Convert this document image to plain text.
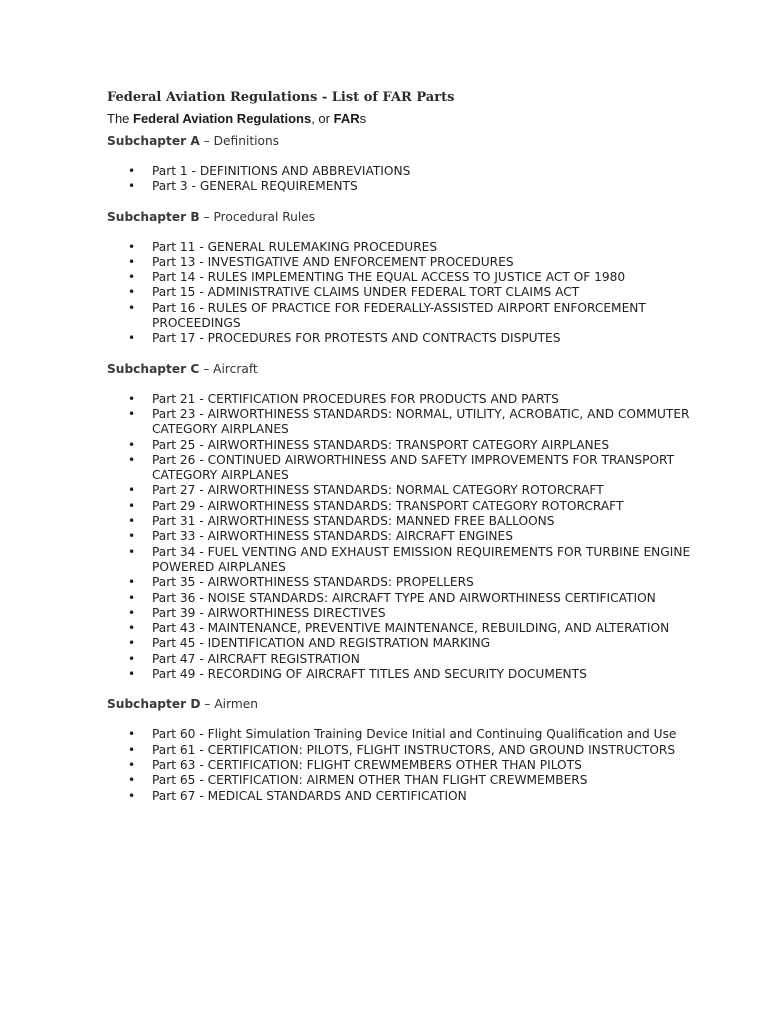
Federal Aviation Regulations - List of FAR Parts

The Federal Aviation Regulations, or FARs

Subchapter A – Definitions

• Part 1 - DEFINITIONS AND ABBREVIATIONS
• Part 3 - GENERAL REQUIREMENTS

Subchapter B – Procedural Rules

• Part 11 - GENERAL RULEMAKING PROCEDURES
• Part 13 - INVESTIGATIVE AND ENFORCEMENT PROCEDURES
• Part 14 - RULES IMPLEMENTING THE EQUAL ACCESS TO JUSTICE ACT OF 1980
• Part 15 - ADMINISTRATIVE CLAIMS UNDER FEDERAL TORT CLAIMS ACT
• Part 16 - RULES OF PRACTICE FOR FEDERALLY-ASSISTED AIRPORT ENFORCEMENT PROCEEDINGS
• Part 17 - PROCEDURES FOR PROTESTS AND CONTRACTS DISPUTES

Subchapter C – Aircraft

• Part 21 - CERTIFICATION PROCEDURES FOR PRODUCTS AND PARTS
• Part 23 - AIRWORTHINESS STANDARDS: NORMAL, UTILITY, ACROBATIC, AND COMMUTER CATEGORY AIRPLANES
• Part 25 - AIRWORTHINESS STANDARDS: TRANSPORT CATEGORY AIRPLANES
• Part 26 - CONTINUED AIRWORTHINESS AND SAFETY IMPROVEMENTS FOR TRANSPORT CATEGORY AIRPLANES
• Part 27 - AIRWORTHINESS STANDARDS: NORMAL CATEGORY ROTORCRAFT
• Part 29 - AIRWORTHINESS STANDARDS: TRANSPORT CATEGORY ROTORCRAFT
• Part 31 - AIRWORTHINESS STANDARDS: MANNED FREE BALLOONS
• Part 33 - AIRWORTHINESS STANDARDS: AIRCRAFT ENGINES
• Part 34 - FUEL VENTING AND EXHAUST EMISSION REQUIREMENTS FOR TURBINE ENGINE POWERED AIRPLANES
• Part 35 - AIRWORTHINESS STANDARDS: PROPELLERS
• Part 36 - NOISE STANDARDS: AIRCRAFT TYPE AND AIRWORTHINESS CERTIFICATION
• Part 39 - AIRWORTHINESS DIRECTIVES
• Part 43 - MAINTENANCE, PREVENTIVE MAINTENANCE, REBUILDING, AND ALTERATION
• Part 45 - IDENTIFICATION AND REGISTRATION MARKING
• Part 47 - AIRCRAFT REGISTRATION
• Part 49 - RECORDING OF AIRCRAFT TITLES AND SECURITY DOCUMENTS

Subchapter D – Airmen

• Part 60 - Flight Simulation Training Device Initial and Continuing Qualification and Use
• Part 61 - CERTIFICATION: PILOTS, FLIGHT INSTRUCTORS, AND GROUND INSTRUCTORS
• Part 63 - CERTIFICATION: FLIGHT CREWMEMBERS OTHER THAN PILOTS
• Part 65 - CERTIFICATION: AIRMEN OTHER THAN FLIGHT CREWMEMBERS
• Part 67 - MEDICAL STANDARDS AND CERTIFICATION
